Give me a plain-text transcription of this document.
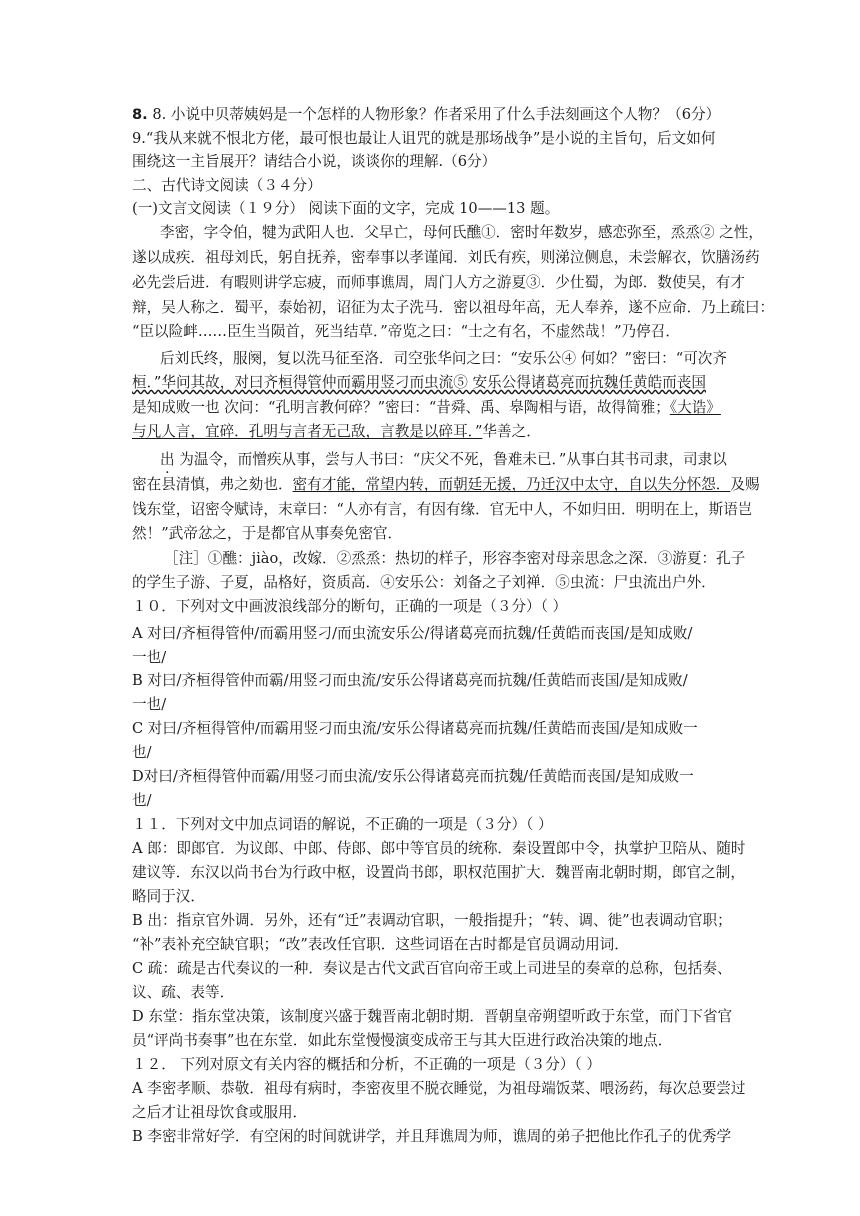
8. 8. 小说中贝蒂姨妈是一个怎样的人物形象？作者采用了什么手法刻画这个人物？（6分）
9.“我从来就不恨北方佬，最可恨也最让人诅咒的就是那场战争”是小说的主旨句，后文如何
围绕这一主旨展开？请结合小说，谈谈你的理解.（6分）
二、古代诗文阅读（３４分）
(一)文言文阅读（１９分） 阅读下面的文字，完成 10——13 题。
李密，字令伯，犍为武阳人也．父早亡，母何氏醮①．密时年数岁，感恋弥至，烝烝② 之性，
遂以成疾．祖母刘氏，躬自抚养，密奉事以孝谨闻．刘氏有疾，则涕泣侧息，未尝解衣，饮膳汤药
必先尝后进．有暇则讲学忘疲，而师事谯周，周门人方之游夏③．少仕蜀，为郎．数使吴，有才
辩，吴人称之．蜀平，泰始初，诏征为太子洗马．密以祖母年高，无人奉养，遂不应命．乃上疏曰：
“臣以险衅……臣生当陨首，死当结草．”帝览之曰：“士之有名，不虚然哉！”乃停召．
后刘氏终，服阕，复以洗马征至洛．司空张华问之曰：“安乐公④ 何如？”密曰：“可次齐
桓．”华问其故，对曰齐桓得管仲而霸用竖刁而虫流⑤ 安乐公得诸葛亮而抗魏任黄皓而丧国
是知成败一也 次问：“孔明言教何碎？”密曰：“昔舜、禹、皋陶相与语，故得简雅；《大诰》
与凡人言，宜碎．孔明与言者无己敌，言教是以碎耳．”华善之．
出 为温令，而憎疾从事，尝与人书曰：“庆父不死，鲁难未已．”从事白其书司隶，司隶以
密在县清慎，弗之劾也．密有才能，常望内转，而朝廷无援，乃迁汉中太守，自以失分怀怨．及赐
饯东堂，诏密令赋诗，末章曰：“人亦有言，有因有缘．官无中人，不如归田．明明在上，斯语岂
然！”武帝忿之，于是都官从事奏免密官．
［注］①醮：jiào，改嫁．②烝烝：热切的样子，形容李密对母亲思念之深．③游夏：孔子
的学生子游、子夏，品格好，资质高．④安乐公：刘备之子刘禅．⑤虫流：尸虫流出户外．
１０．下列对文中画波浪线部分的断句，正确的一项是（３分）（ ）
A 对曰/齐桓得管仲/而霸用竖刁/而虫流安乐公/得诸葛亮而抗魏/任黄皓而丧国/是知成败/
一也/
B 对曰/齐桓得管仲而霸/用竖刁而虫流/安乐公得诸葛亮而抗魏/任黄皓而丧国/是知成败/
一也/
C 对曰/齐桓得管仲/而霸用竖刁而虫流/安乐公得诸葛亮而抗魏/任黄皓而丧国/是知成败一
也/
D对曰/齐桓得管仲而霸/用竖刁而虫流/安乐公得诸葛亮而抗魏/任黄皓而丧国/是知成败一
也/
１１．下列对文中加点词语的解说，不正确的一项是（３分）（ ）
A 郎：即郎官．为议郎、中郎、侍郎、郎中等官员的统称．秦设置郎中令，执掌护卫陪从、随时
建议等．东汉以尚书台为行政中枢，设置尚书郎，职权范围扩大．魏晋南北朝时期，郎官之制，
略同于汉．
B 出：指京官外调．另外，还有“迁”表调动官职，一般指提升；“转、调、徙”也表调动官职；
“补”表补充空缺官职；“改”表改任官职．这些词语在古时都是官员调动用词．
C 疏：疏是古代奏议的一种．奏议是古代文武百官向帝王或上司进呈的奏章的总称，包括奏、
议、疏、表等．
D 东堂：指东堂决策，该制度兴盛于魏晋南北朝时期．晋朝皇帝朔望听政于东堂，而门下省官
员“评尚书奏事”也在东堂．如此东堂慢慢演变成帝王与其大臣进行政治决策的地点．
１２． 下列对原文有关内容的概括和分析，不正确的一项是（３分）（ ）
A 李密孝顺、恭敬．祖母有病时，李密夜里不脱衣睡觉，为祖母端饭菜、喂汤药，每次总要尝过
之后才让祖母饮食或服用．
B 李密非常好学．有空闲的时间就讲学，并且拜谯周为师，谯周的弟子把他比作孔子的优秀学
